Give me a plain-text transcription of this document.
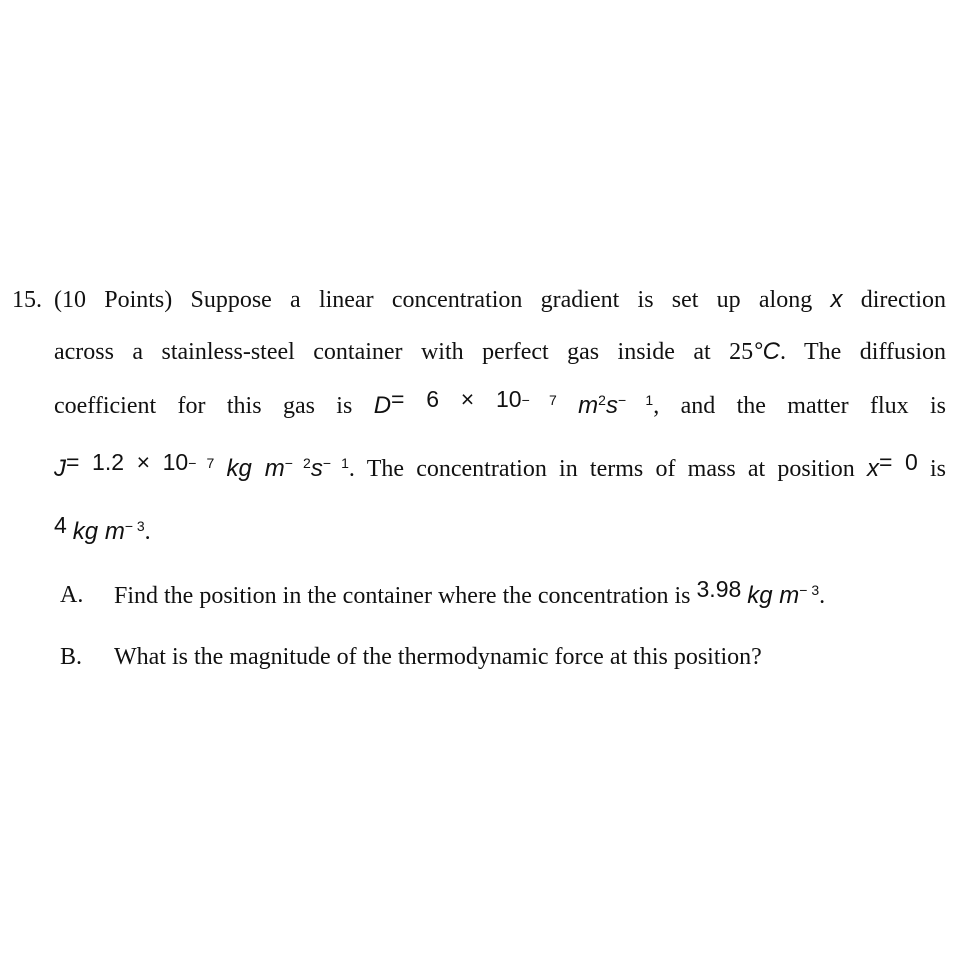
15. (10 Points) Suppose a linear concentration gradient is set up along x direction
across a stainless-steel container with perfect gas inside at 25°C. The diffusion
coefficient for this gas is $D= 6 \times 10^{- 7}$ $m^2s^{- 1}$, and the matter flux is
$J= 1.2 \times 10^{- 7}$ kg $m^{- 2}s^{- 1}$. The concentration in terms of mass at position x= 0 is
4 kg $m^{- 3}$.
A. Find the position in the container where the concentration is 3.98 kg $m^{- 3}$.
B. What is the magnitude of the thermodynamic force at this position?
